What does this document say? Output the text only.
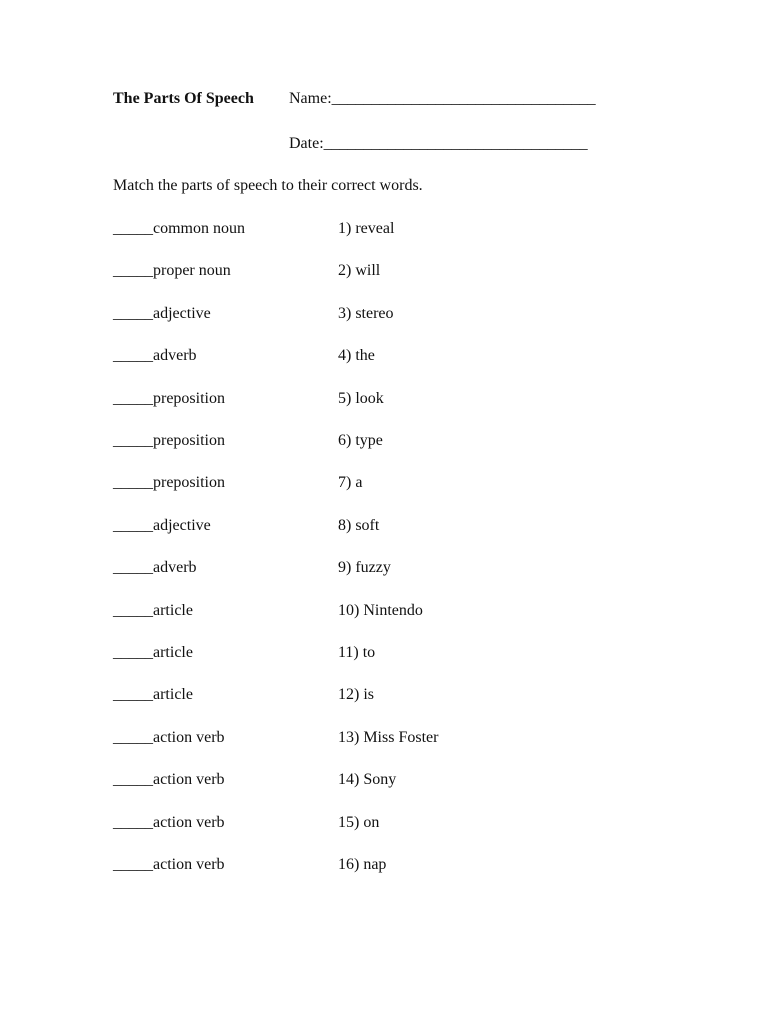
The Parts Of Speech Name:_________________________________
Date:_________________________________
Match the parts of speech to their correct words.
_____common noun	1) reveal
_____proper noun	2) will
_____adjective	3) stereo
_____adverb	4) the
_____preposition	5) look
_____preposition	6) type
_____preposition	7) a
_____adjective	8) soft
_____adverb	9) fuzzy
_____article	10) Nintendo
_____article	11) to
_____article	12) is
_____action verb	13) Miss Foster
_____action verb	14) Sony
_____action verb	15) on
_____action verb	16) nap
